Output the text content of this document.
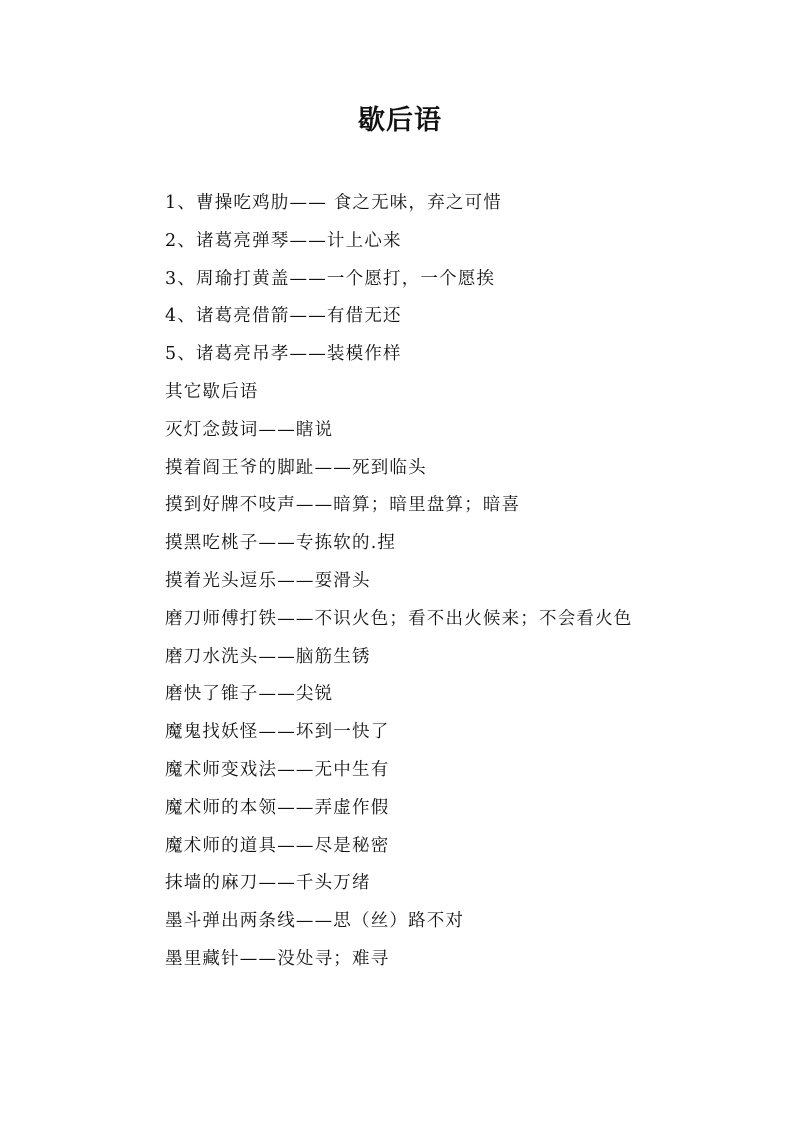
歇后语

1、曹操吃鸡肋—— 食之无味，弃之可惜

2、诸葛亮弹琴——计上心来

3、周瑜打黄盖——一个愿打，一个愿挨

4、诸葛亮借箭——有借无还

5、诸葛亮吊孝——装模作样

其它歇后语

灭灯念鼓词——瞎说

摸着阎王爷的脚趾——死到临头

摸到好牌不吱声——暗算；暗里盘算；暗喜

摸黑吃桃子——专拣软的.捏

摸着光头逗乐——耍滑头

磨刀师傅打铁——不识火色；看不出火候来；不会看火色

磨刀水洗头——脑筋生锈

磨快了锥子——尖锐

魔鬼找妖怪——坏到一快了

魔术师变戏法——无中生有

魔术师的本领——弄虚作假

魔术师的道具——尽是秘密

抹墙的麻刀——千头万绪

墨斗弹出两条线——思（丝）路不对

墨里藏针——没处寻；难寻
